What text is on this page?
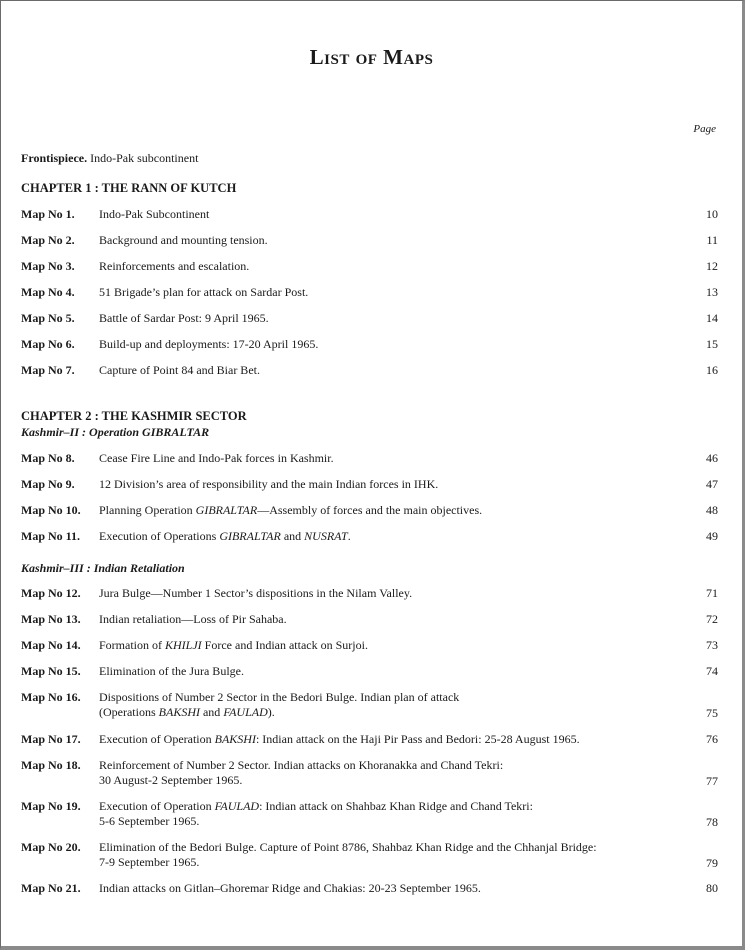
List of Maps
Page
Frontispiece. Indo-Pak subcontinent
CHAPTER 1 : THE RANN OF KUTCH
Map No 1. Indo-Pak Subcontinent	10
Map No 2. Background and mounting tension.	11
Map No 3. Reinforcements and escalation.	12
Map No 4. 51 Brigade’s plan for attack on Sardar Post.	13
Map No 5. Battle of Sardar Post: 9 April 1965.	14
Map No 6. Build-up and deployments: 17-20 April 1965.	15
Map No 7. Capture of Point 84 and Biar Bet.	16
CHAPTER 2 : THE KASHMIR SECTOR
Kashmir–II : Operation GIBRALTAR
Map No 8. Cease Fire Line and Indo-Pak forces in Kashmir.	46
Map No 9. 12 Division’s area of responsibility and the main Indian forces in IHK.	47
Map No 10. Planning Operation GIBRALTAR—Assembly of forces and the main objectives.	48
Map No 11. Execution of Operations GIBRALTAR and NUSRAT.	49
Kashmir–III : Indian Retaliation
Map No 12. Jura Bulge—Number 1 Sector’s dispositions in the Nilam Valley.	71
Map No 13. Indian retaliation—Loss of Pir Sahaba.	72
Map No 14. Formation of KHILJI Force and Indian attack on Surjoi.	73
Map No 15. Elimination of the Jura Bulge.	74
Map No 16. Dispositions of Number 2 Sector in the Bedori Bulge. Indian plan of attack
(Operations BAKSHI and FAULAD).	75
Map No 17. Execution of Operation BAKSHI: Indian attack on the Haji Pir Pass and Bedori: 25-28 August 1965.	76
Map No 18. Reinforcement of Number 2 Sector. Indian attacks on Khoranakka and Chand Tekri:
30 August-2 September 1965.	77
Map No 19. Execution of Operation FAULAD: Indian attack on Shahbaz Khan Ridge and Chand Tekri:
5-6 September 1965.	78
Map No 20. Elimination of the Bedori Bulge. Capture of Point 8786, Shahbaz Khan Ridge and the Chhanjal Bridge:
7-9 September 1965.	79
Map No 21. Indian attacks on Gitlan–Ghoremar Ridge and Chakias: 20-23 September 1965.	80
